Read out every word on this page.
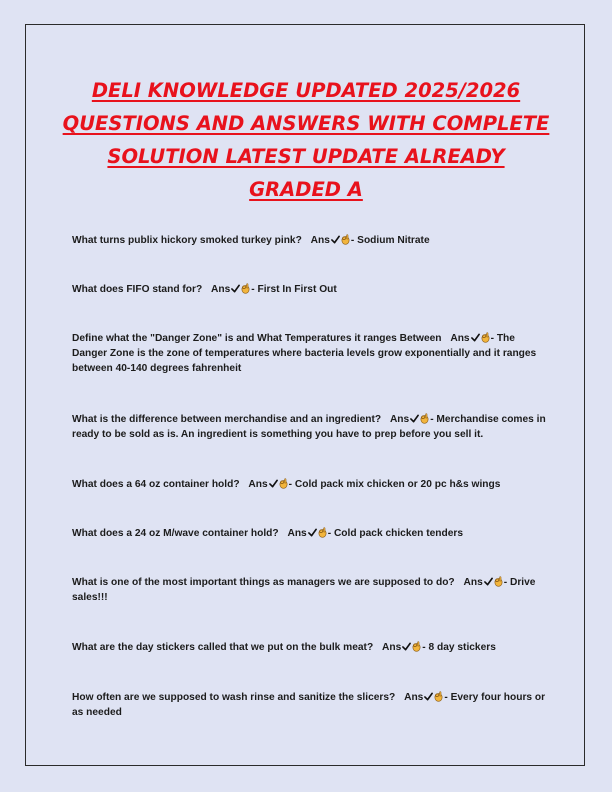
DELI KNOWLEDGE UPDATED 2025/2026 QUESTIONS AND ANSWERS WITH COMPLETE SOLUTION LATEST UPDATE ALREADY GRADED A
What turns publix hickory smoked turkey pink? Ans - Sodium Nitrate
What does FIFO stand for? Ans - First In First Out
Define what the "Danger Zone" is and What Temperatures it ranges Between Ans - The Danger Zone is the zone of temperatures where bacteria levels grow exponentially and it ranges between 40-140 degrees fahrenheit
What is the difference between merchandise and an ingredient? Ans - Merchandise comes in ready to be sold as is. An ingredient is something you have to prep before you sell it.
What does a 64 oz container hold? Ans - Cold pack mix chicken or 20 pc h&s wings
What does a 24 oz M/wave container hold? Ans - Cold pack chicken tenders
What is one of the most important things as managers we are supposed to do? Ans - Drive sales!!!
What are the day stickers called that we put on the bulk meat? Ans - 8 day stickers
How often are we supposed to wash rinse and sanitize the slicers? Ans - Every four hours or as needed
